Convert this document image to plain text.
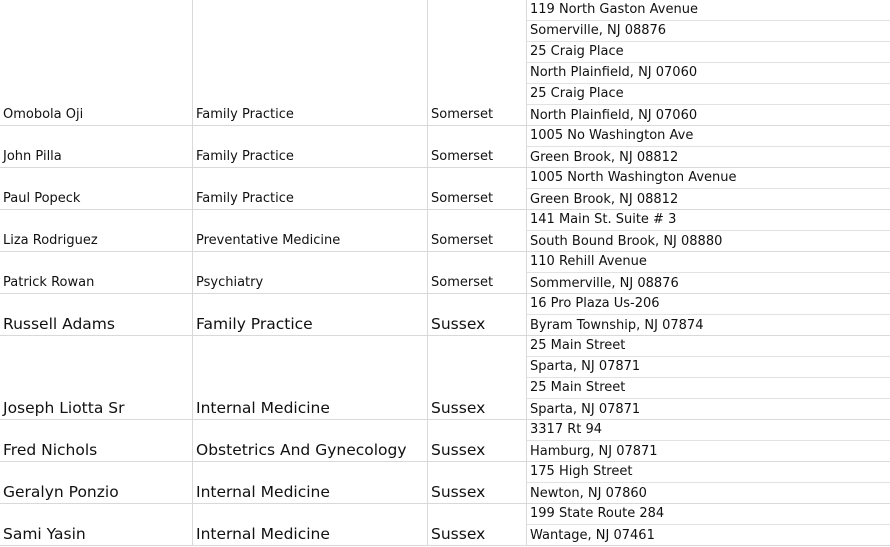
Omobola Oji	Family Practice	Somerset
119 North Gaston Avenue
Somerville, NJ 08876
25 Craig Place
North Plainfield, NJ 07060
25 Craig Place
North Plainfield, NJ 07060
John Pilla	Family Practice	Somerset
1005 No Washington Ave
Green Brook, NJ 08812
Paul Popeck	Family Practice	Somerset
1005 North Washington Avenue
Green Brook, NJ 08812
Liza Rodriguez	Preventative Medicine	Somerset
141 Main St. Suite # 3
South Bound Brook, NJ 08880
Patrick Rowan	Psychiatry	Somerset
110 Rehill Avenue
Sommerville, NJ 08876
Russell Adams	Family Practice	Sussex
16 Pro Plaza Us-206
Byram Township, NJ 07874
Joseph Liotta Sr	Internal Medicine	Sussex
25 Main Street
Sparta, NJ 07871
25 Main Street
Sparta, NJ 07871
Fred Nichols	Obstetrics And Gynecology Sussex
3317 Rt 94
Hamburg, NJ 07871
Geralyn Ponzio	Internal Medicine	Sussex
175 High Street
Newton, NJ 07860
Sami Yasin	Internal Medicine	Sussex
199 State Route 284
Wantage, NJ 07461
